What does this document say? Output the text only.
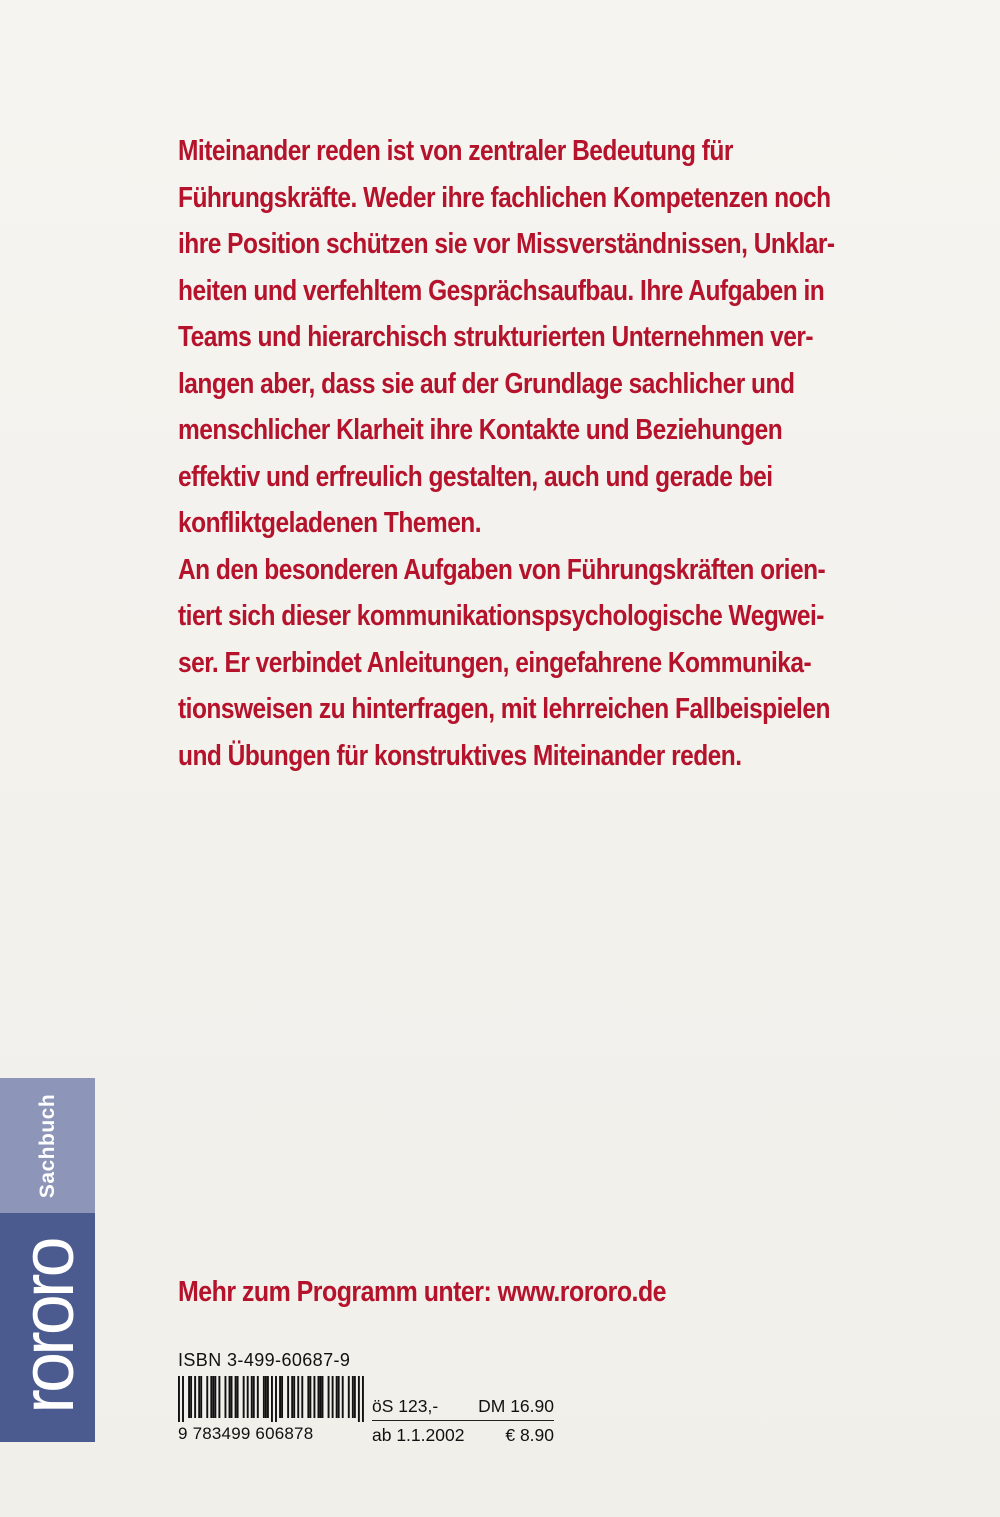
Miteinander reden ist von zentraler Bedeutung für
Führungskräfte. Weder ihre fachlichen Kompetenzen noch
ihre Position schützen sie vor Missverständnissen, Unklar-
heiten und verfehltem Gesprächsaufbau. Ihre Aufgaben in
Teams und hierarchisch strukturierten Unternehmen ver-
langen aber, dass sie auf der Grundlage sachlicher und
menschlicher Klarheit ihre Kontakte und Beziehungen
effektiv und erfreulich gestalten, auch und gerade bei
konfliktgeladenen Themen.
An den besonderen Aufgaben von Führungskräften orien-
tiert sich dieser kommunikationspsychologische Wegwei-
ser. Er verbindet Anleitungen, eingefahrene Kommunika-
tionsweisen zu hinterfragen, mit lehrreichen Fallbeispielen
und Übungen für konstruktives Miteinander reden.
Mehr zum Programm unter: www.rororo.de
Sachbuch
rororo	ISBN 3-499-60687-9
9 783499 606878
öS 123,- DM 16.90
ab 1.1.2002 € 8.90
